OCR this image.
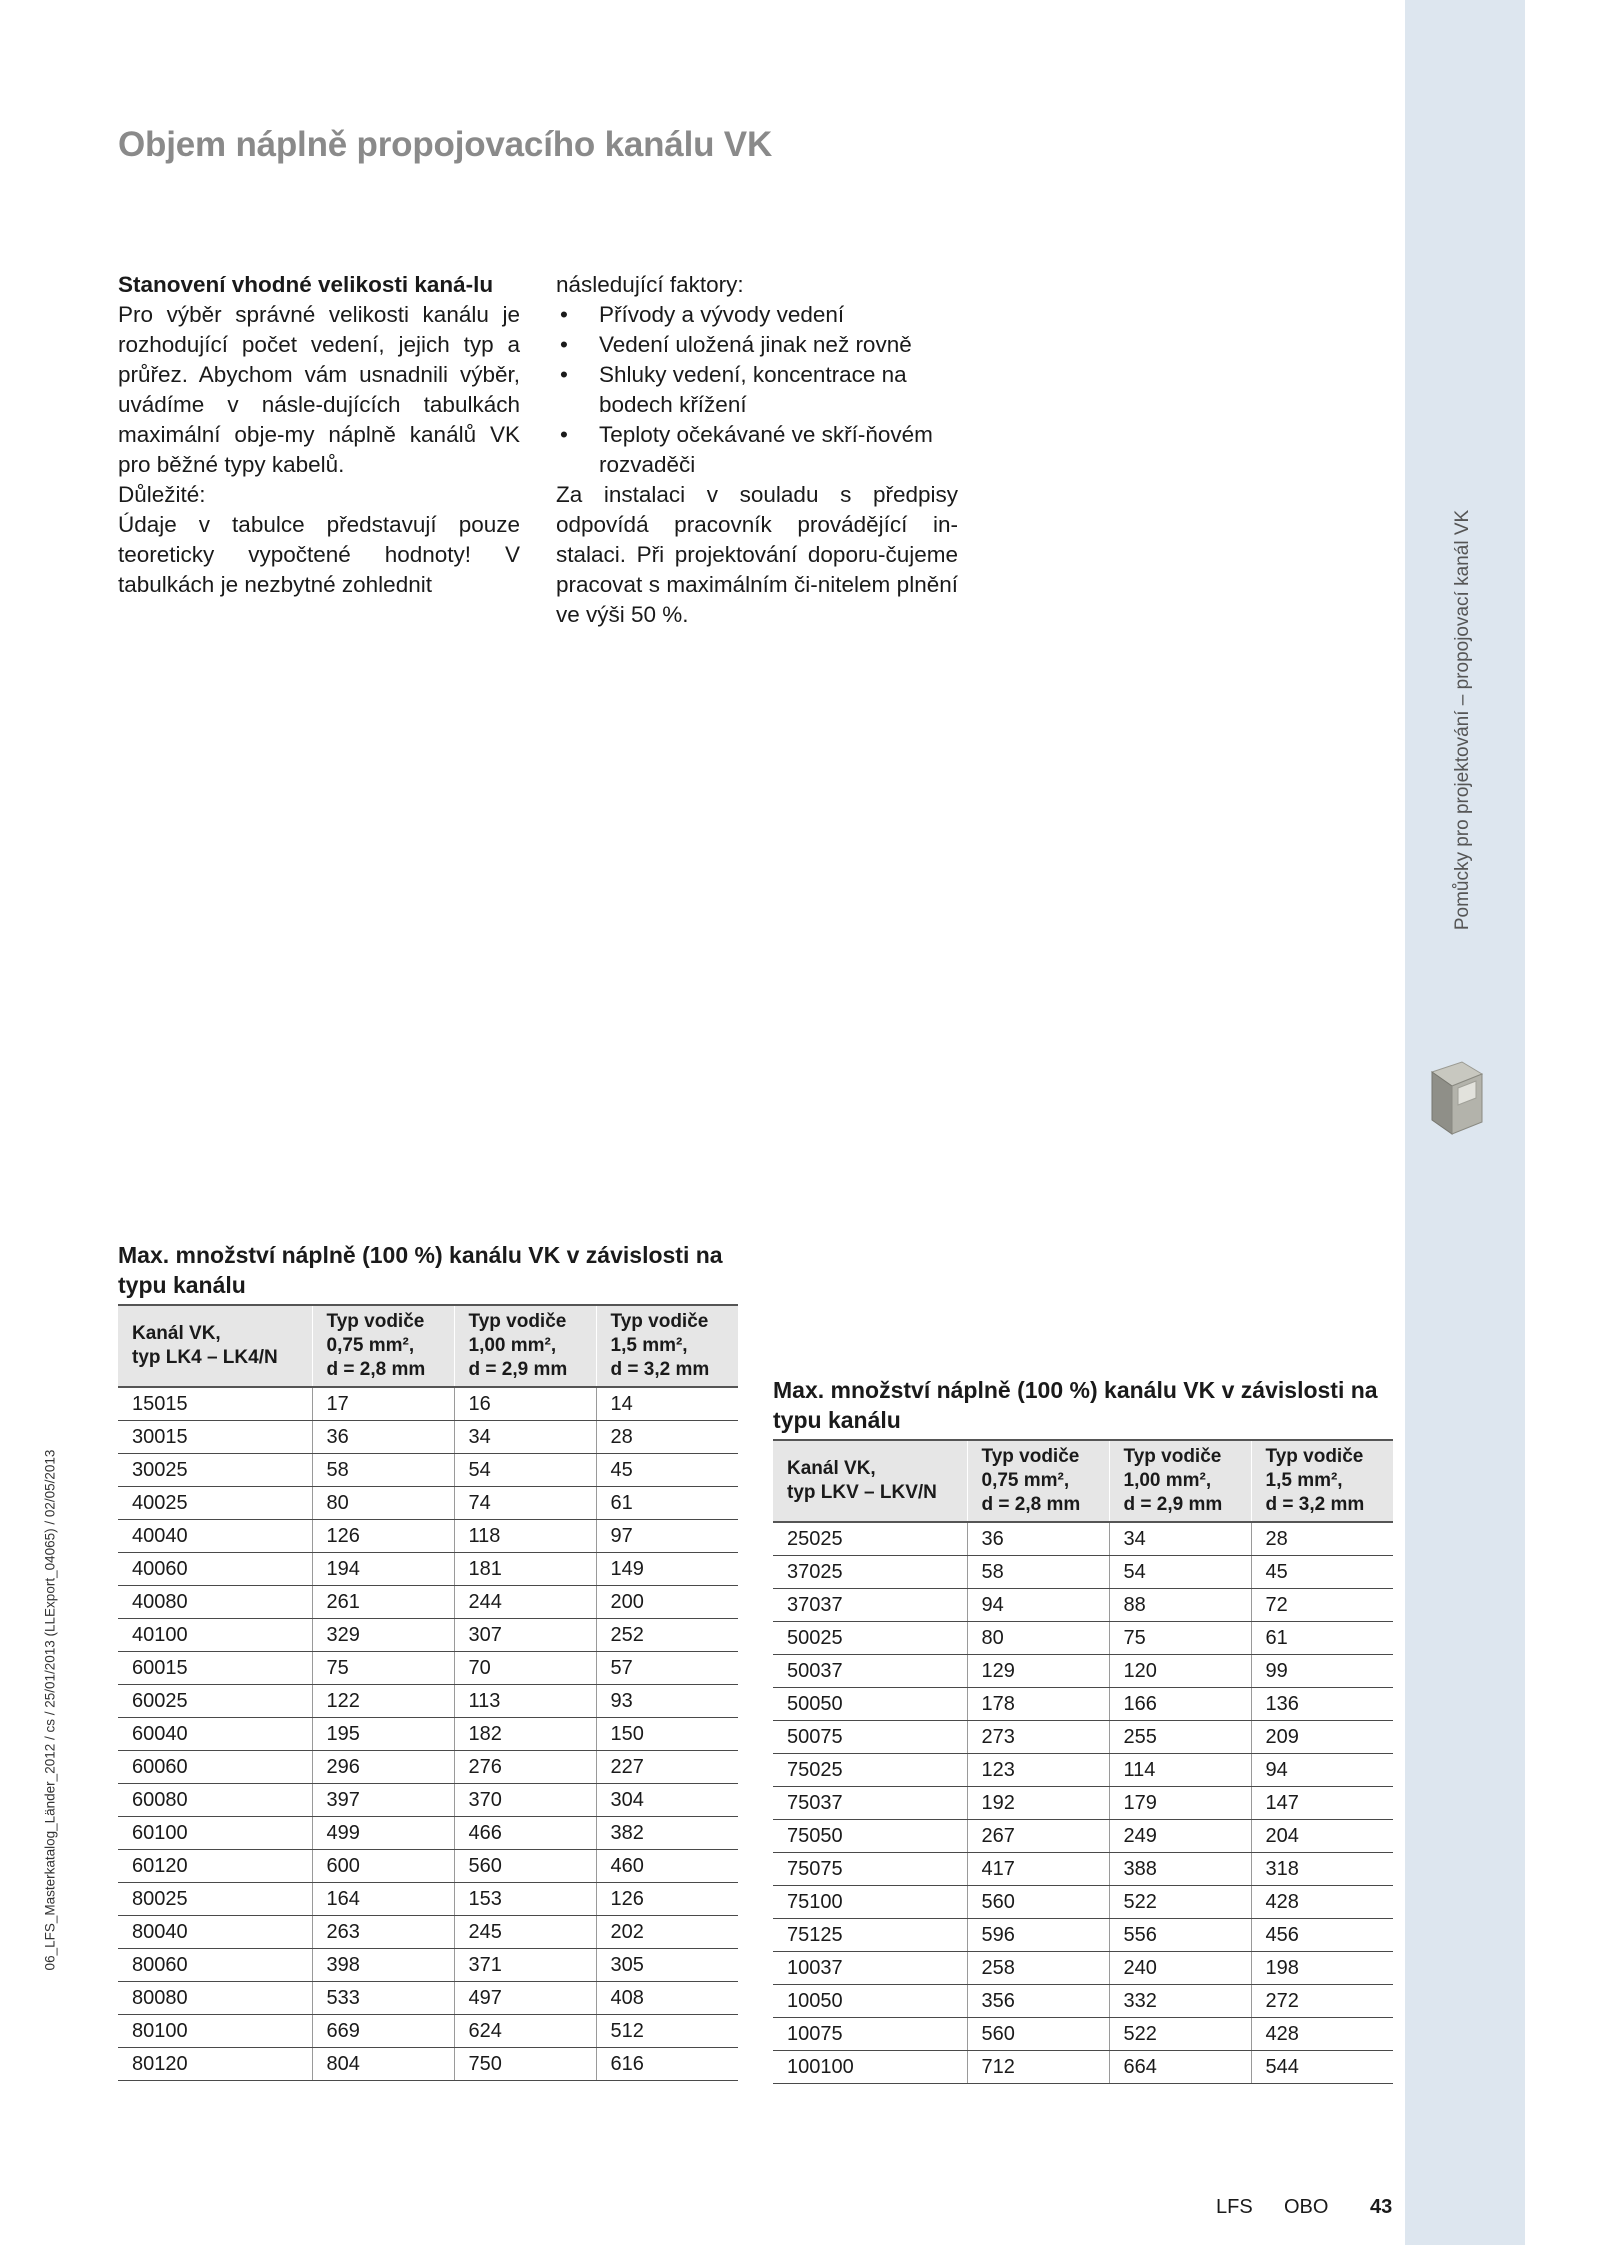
Pomůcky pro projektování – propojovací kanál VK
06_LFS_Masterkatalog_Länder_2012 / cs / 25/01/2013 (LLExport_04065) / 02/05/2013
Objem náplně propojovacího kanálu VK

Stanovení vhodné velikosti kaná-lu

Pro výběr správné velikosti kanálu je rozhodující počet vedení, jejich typ a průřez. Abychom vám usnadnili výběr, uvádíme v násle-dujících tabulkách maximální obje-my náplně kanálů VK pro běžné typy kabelů.

Důležité:

Údaje v tabulce představují pouze teoreticky vypočtené hodnoty! V tabulkách je nezbytné zohlednit

následující faktory:

• Přívody a vývody vedení
• Vedení uložená jinak než rovně
• Shluky vedení, koncentrace na bodech křížení
• Teploty očekávané ve skří-ňovém rozvaděči

Za instalaci v souladu s předpisy odpovídá pracovník provádějící in-stalaci. Při projektování doporu-čujeme pracovat s maximálním či-nitelem plnění ve výši 50 %.

Max. množství náplně (100 %) kanálu VK v závislosti na typu kanálu

Kanál VK,
typ LK4 – LK4/N	Typ vodiče
0,75 mm²,
d = 2,8 mm	Typ vodiče
1,00 mm²,
d = 2,9 mm	Typ vodiče
1,5 mm²,
d = 3,2 mm
15015	17	16	14
30015	36	34	28
30025	58	54	45
40025	80	74	61
40040	126	118	97
40060	194	181	149
40080	261	244	200
40100	329	307	252
60015	75	70	57
60025	122	113	93
60040	195	182	150
60060	296	276	227
60080	397	370	304
60100	499	466	382
60120	600	560	460
80025	164	153	126
80040	263	245	202
80060	398	371	305
80080	533	497	408
80100	669	624	512
80120	804	750	616

Max. množství náplně (100 %) kanálu VK v závislosti na typu kanálu

Kanál VK,
typ LKV – LKV/N	Typ vodiče
0,75 mm²,
d = 2,8 mm	Typ vodiče
1,00 mm²,
d = 2,9 mm	Typ vodiče
1,5 mm²,
d = 3,2 mm
25025	36	34	28
37025	58	54	45
37037	94	88	72
50025	80	75	61
50037	129	120	99
50050	178	166	136
50075	273	255	209
75025	123	114	94
75037	192	179	147
75050	267	249	204
75075	417	388	318
75100	560	522	428
75125	596	556	456
10037	258	240	198
10050	356	332	272
10075	560	522	428
100100	712	664	544
LFS OBO 43
